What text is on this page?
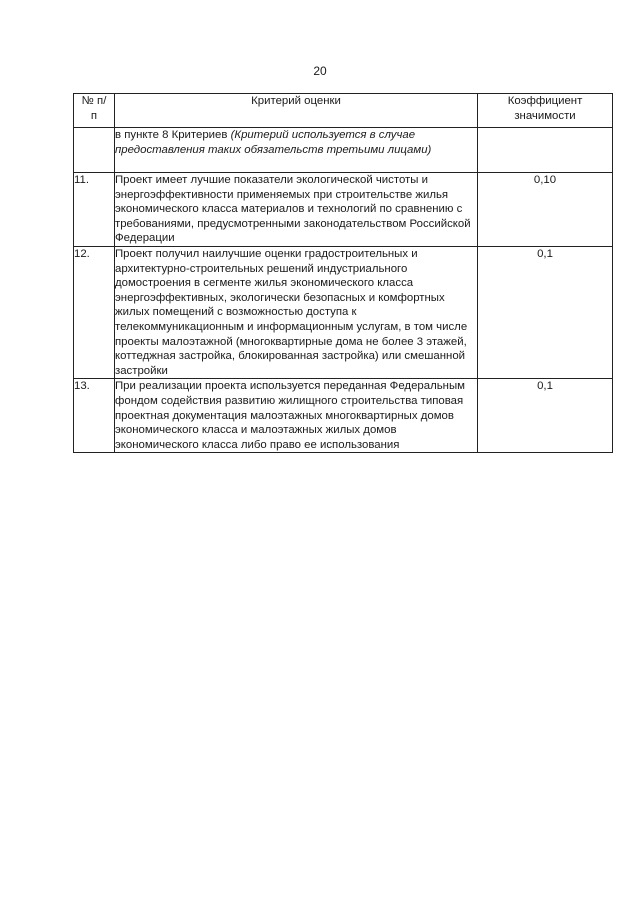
20
№ п/п	Критерий оценки	Коэффициент значимости
	в пункте 8 Критериев (Критерий используется в случае предоставления таких обязательств третьими лицами)	
11.	Проект имеет лучшие показатели экологической чистоты и энергоэффективности применяемых при строительстве жилья экономического класса материалов и технологий по сравнению с требованиями, предусмотренными законодательством Российской Федерации	0,10
12.	Проект получил наилучшие оценки градостроительных и архитектурно-строительных решений индустриального домостроения в сегменте жилья экономического класса энергоэффективных, экологически безопасных и комфортных жилых помещений с возможностью доступа к телекоммуникационным и информационным услугам, в том числе проекты малоэтажной (многоквартирные дома не более 3 этажей, коттеджная застройка, блокированная застройка) или смешанной застройки	0,1
13.	При реализации проекта используется переданная Федеральным фондом содействия развитию жилищного строительства типовая проектная документация малоэтажных многоквартирных домов экономического класса и малоэтажных жилых домов экономического класса либо право ее использования	0,1
